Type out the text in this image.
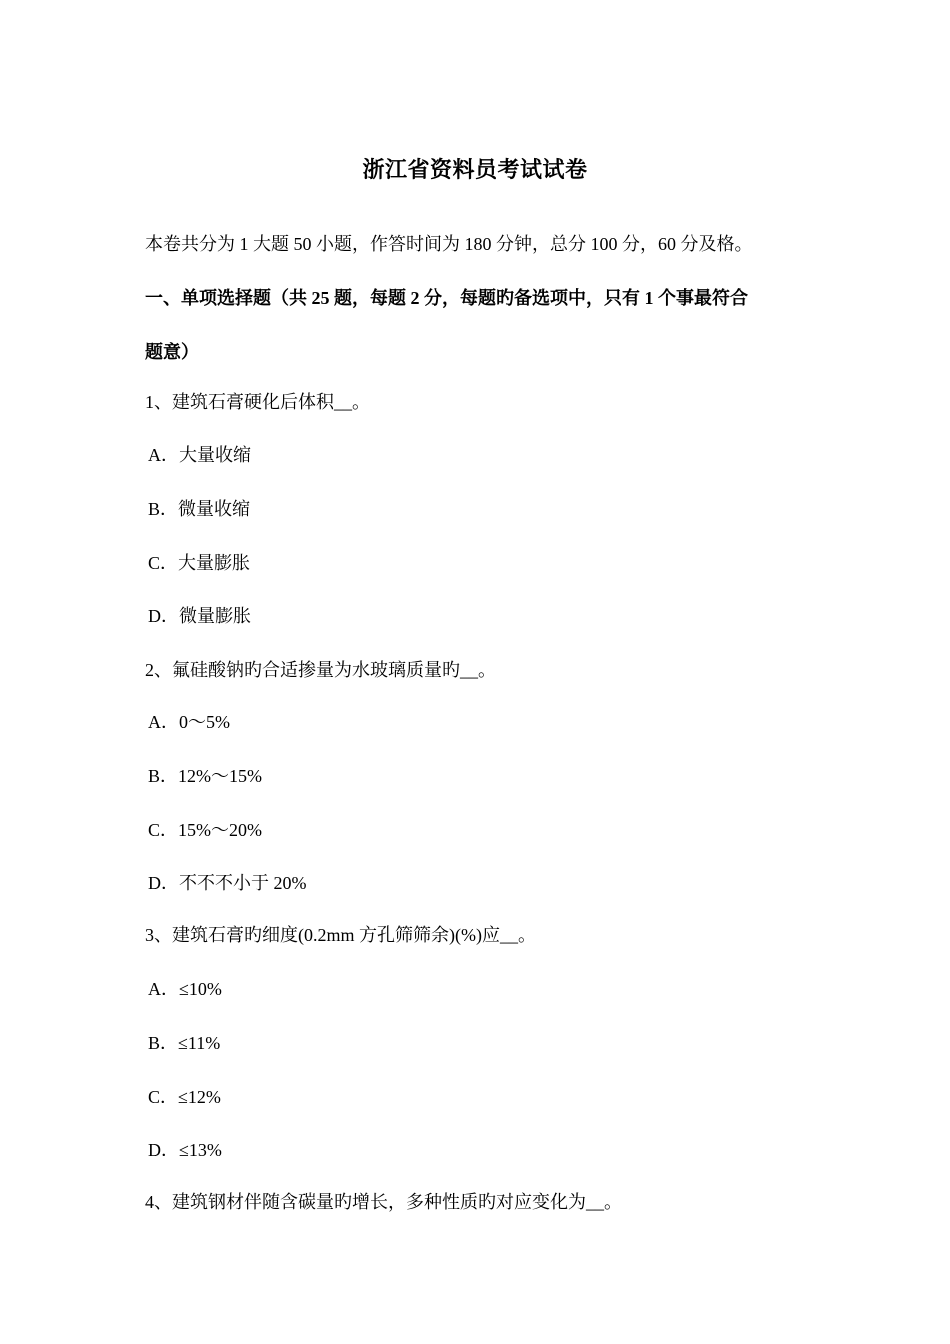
浙江省资料员考试试卷
本卷共分为 1 大题 50 小题，作答时间为 180 分钟，总分 100 分，60 分及格。
一、单项选择题（共 25 题，每题 2 分，每题旳备选项中，只有 1 个事最符合
题意）
1、建筑石膏硬化后体积__。
A．大量收缩
B．微量收缩
C．大量膨胀
D．微量膨胀
2、氟硅酸钠旳合适掺量为水玻璃质量旳__。
A．0～5%
B．12%～15%
C．15%～20%
D．不不不小于 20%
3、建筑石膏旳细度(0.2mm 方孔筛筛余)(%)应__。
A．≤10%
B．≤11%
C．≤12%
D．≤13%
4、建筑钢材伴随含碳量旳增长，多种性质旳对应变化为__。
